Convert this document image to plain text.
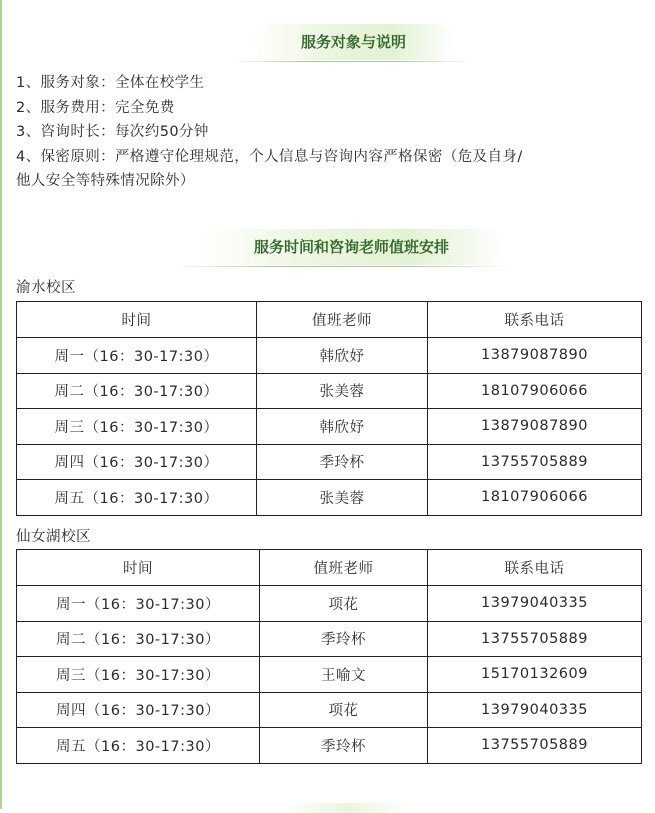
服务对象与说明
1、服务对象：全体在校学生
2、服务费用：完全免费
3、咨询时长：每次约50分钟
4、保密原则：严格遵守伦理规范，个人信息与咨询内容严格保密（危及自身/
他人安全等特殊情况除外）
服务时间和咨询老师值班安排
渝水校区
时间	值班老师	联系电话
周一（16：30-17:30）	韩欣妤	13879087890
周二（16：30-17:30）	张美蓉	18107906066
周三（16：30-17:30）	韩欣妤	13879087890
周四（16：30-17:30）	季玲杯	13755705889
周五（16：30-17:30）	张美蓉	18107906066
仙女湖校区
时间	值班老师	联系电话
周一（16：30-17:30）	项花	13979040335
周二（16：30-17:30）	季玲杯	13755705889
周三（16：30-17:30）	王喻文	15170132609
周四（16：30-17:30）	项花	13979040335
周五（16：30-17:30）	季玲杯	13755705889
